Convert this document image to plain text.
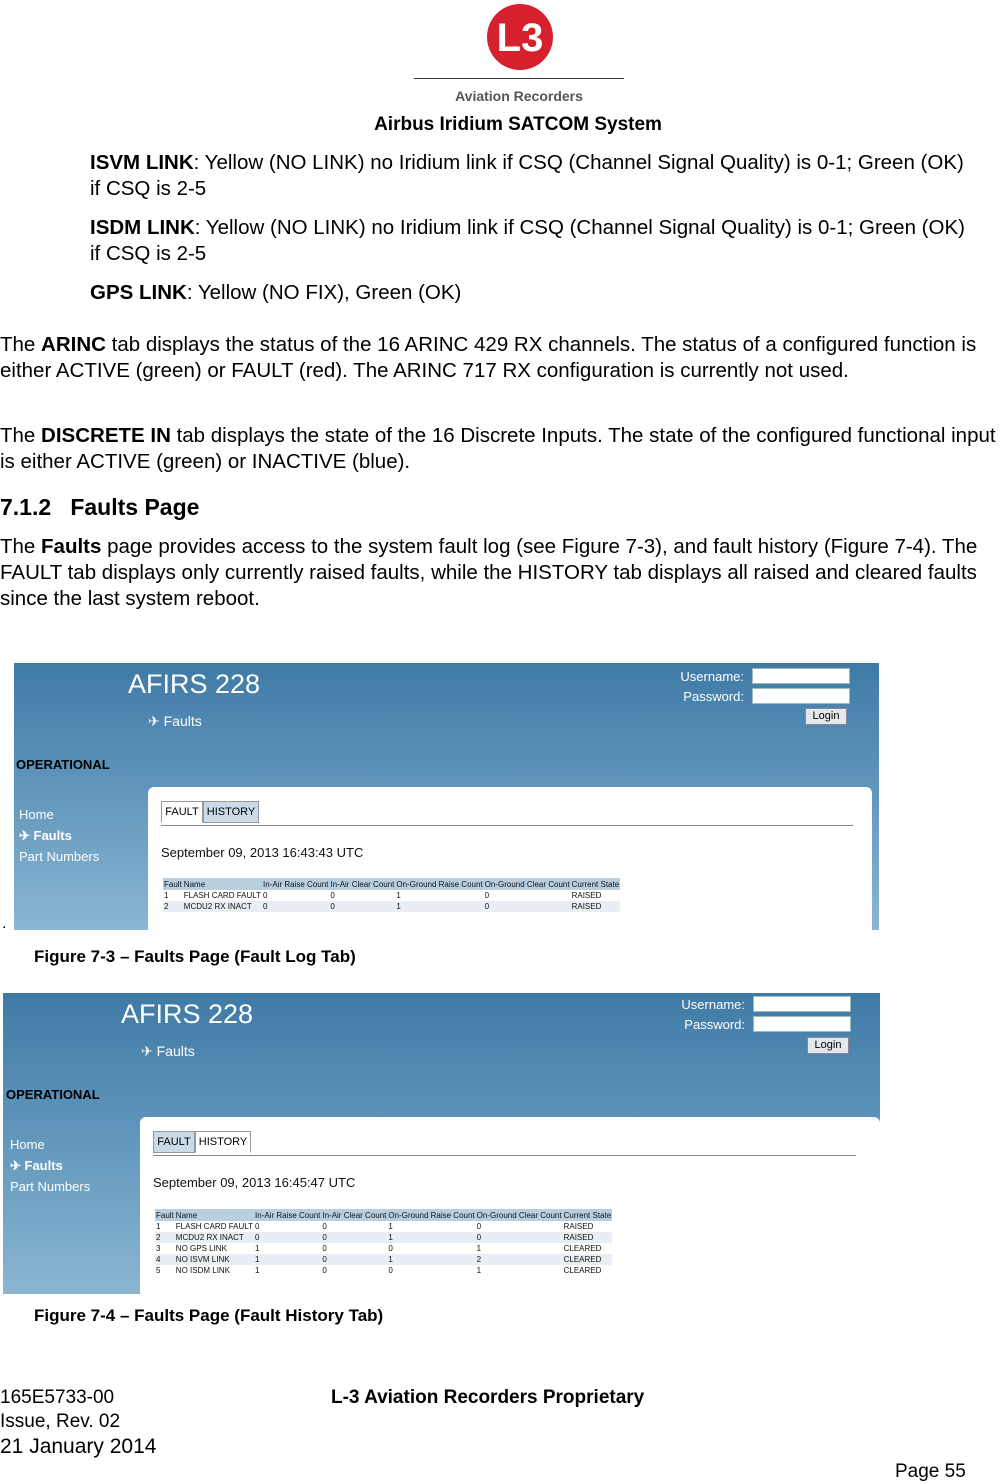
L3
Aviation Recorders
Airbus Iridium SATCOM System
ISVM LINK: Yellow (NO LINK) no Iridium link if CSQ (Channel Signal Quality) is 0-1; Green (OK) if CSQ is 2-5
ISDM LINK: Yellow (NO LINK) no Iridium link if CSQ (Channel Signal Quality) is 0-1; Green (OK) if CSQ is 2-5
GPS LINK: Yellow (NO FIX), Green (OK)
The ARINC tab displays the status of the 16 ARINC 429 RX channels. The status of a configured function is either ACTIVE (green) or FAULT (red). The ARINC 717 RX configuration is currently not used.
The DISCRETE IN tab displays the state of the 16 Discrete Inputs. The state of the configured functional input is either ACTIVE (green) or INACTIVE (blue).
7.1.2   Faults Page
The Faults page provides access to the system fault log (see Figure 7-3), and fault history (Figure 7-4). The FAULT tab displays only currently raised faults, while the HISTORY tab displays all raised and cleared faults since the last system reboot.
AFIRS 228
✈ Faults
Username:
Password:
Login
OPERATIONAL
Home
✈ Faults
Part Numbers
FAULT HISTORY
September 09, 2013 16:43:43 UTC
Fault	Name	In-Air Raise Count	In-Air Clear Count	On-Ground Raise Count	On-Ground Clear Count	Current State
1	FLASH CARD FAULT	0	0	1	0	RAISED
2	MCDU2 RX INACT	0	0	1	0	RAISED
.
Figure 7-3 – Faults Page (Fault Log Tab)
AFIRS 228
✈ Faults
Username:
Password:
Login
OPERATIONAL
Home
✈ Faults
Part Numbers
FAULT HISTORY
September 09, 2013 16:45:47 UTC
Fault	Name	In-Air Raise Count	In-Air Clear Count	On-Ground Raise Count	On-Ground Clear Count	Current State
1	FLASH CARD FAULT	0	0	1	0	RAISED
2	MCDU2 RX INACT	0	0	1	0	RAISED
3	NO GPS LINK	1	0	0	1	CLEARED
4	NO ISVM LINK	1	0	1	2	CLEARED
5	NO ISDM LINK	1	0	0	1	CLEARED
Figure 7-4 – Faults Page (Fault History Tab)
165E5733-00
Issue, Rev. 02
21 January 2014
L-3 Aviation Recorders Proprietary
Page 55
